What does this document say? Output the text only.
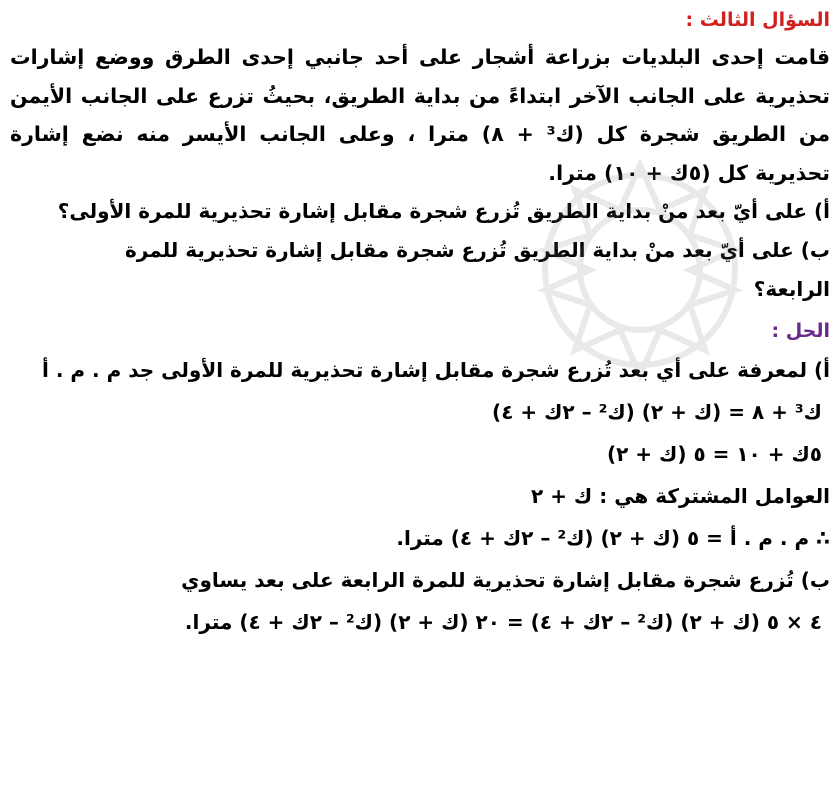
السؤال الثالث :
قامت إحدى البلديات بزراعة أشجار على أحد جانبي إحدى الطرق ووضع إشارات تحذيرية على الجانب الآخر ابتداءً من بداية الطريق، بحيثُ تزرع على الجانب الأيمن من الطريق شجرة كل (ك³ + ٨) مترا ، وعلى الجانب الأيسر منه نضع إشارة تحذيرية كل (٥ك + ١٠) مترا.
أ) على أيّ بعد منْ بداية الطريق تُزرع شجرة مقابل إشارة تحذيرية للمرة الأولى؟
ب) على أيّ بعد منْ بداية الطريق تُزرع شجرة مقابل إشارة تحذيرية للمرة
الرابعة؟
الحل :
أ) لمعرفة على أي بعد تُزرع شجرة مقابل إشارة تحذيرية للمرة الأولى جد م . م . أ
ك³ + ٨ = (ك + ٢) (ك² – ٢ك + ٤)
٥ك + ١٠ = ٥ (ك + ٢)
العوامل المشتركة هي : ك + ٢
∴ م . م . أ = ٥ (ك + ٢) (ك² – ٢ك + ٤) مترا.
ب) تُزرع شجرة مقابل إشارة تحذيرية للمرة الرابعة على بعد يساوي
٤ × ٥ (ك + ٢) (ك² – ٢ك + ٤) = ٢٠ (ك + ٢) (ك² – ٢ك + ٤) مترا.
